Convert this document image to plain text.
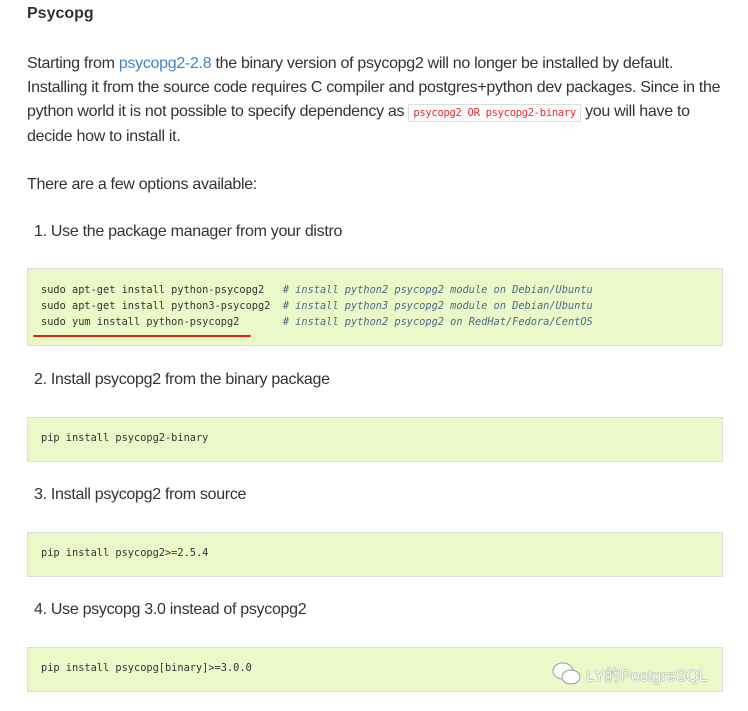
Psycopg
Starting from psycopg2-2.8 the binary version of psycopg2 will no longer be installed by default. Installing it from the source code requires C compiler and postgres+python dev packages. Since in the python world it is not possible to specify dependency as psycopg2 OR psycopg2-binary you will have to decide how to install it.
There are a few options available:
1. Use the package manager from your distro
sudo apt-get install python-psycopg2   # install python2 psycopg2 module on Debian/Ubuntu
sudo apt-get install python3-psycopg2  # install python3 psycopg2 module on Debian/Ubuntu
sudo yum install python-psycopg2       # install python2 psycopg2 on RedHat/Fedora/CentOS
2. Install psycopg2 from the binary package
pip install psycopg2-binary
3. Install psycopg2 from source
pip install psycopg2>=2.5.4
4. Use psycopg 3.0 instead of psycopg2
pip install psycopg[binary]>=3.0.0	LY的PostgreSQL
